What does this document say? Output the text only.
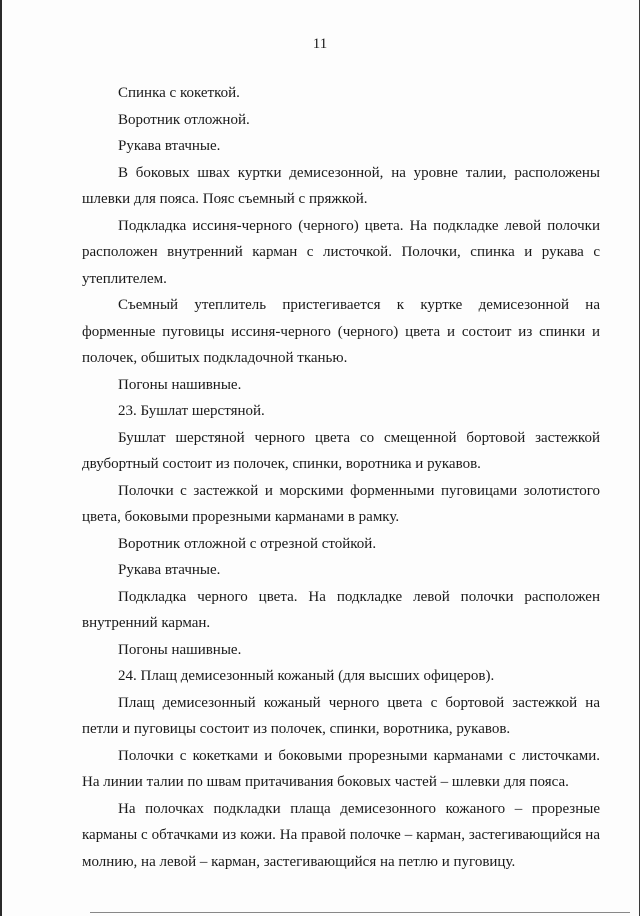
11

Спинка с кокеткой.

Воротник отложной.

Рукава втачные.

В боковых швах куртки демисезонной, на уровне талии, расположены шлевки для пояса. Пояс съемный с пряжкой.

Подкладка иссиня-черного (черного) цвета. На подкладке левой полочки расположен внутренний карман с листочкой. Полочки, спинка и рукава с утеплителем.

Съемный утеплитель пристегивается к куртке демисезонной на форменные пуговицы иссиня-черного (черного) цвета и состоит из спинки и полочек, обшитых подкладочной тканью.

Погоны нашивные.

23. Бушлат шерстяной.

Бушлат шерстяной черного цвета со смещенной бортовой застежкой двубортный состоит из полочек, спинки, воротника и рукавов.

Полочки с застежкой и морскими форменными пуговицами золотистого цвета, боковыми прорезными карманами в рамку.

Воротник отложной с отрезной стойкой.

Рукава втачные.

Подкладка черного цвета. На подкладке левой полочки расположен внутренний карман.

Погоны нашивные.

24. Плащ демисезонный кожаный (для высших офицеров).

Плащ демисезонный кожаный черного цвета с бортовой застежкой на петли и пуговицы состоит из полочек, спинки, воротника, рукавов.

Полочки с кокетками и боковыми прорезными карманами с листочками. На линии талии по швам притачивания боковых частей – шлевки для пояса.

На полочках подкладки плаща демисезонного кожаного – прорезные карманы с обтачками из кожи. На правой полочке – карман, застегивающийся на молнию, на левой – карман, застегивающийся на петлю и пуговицу.
